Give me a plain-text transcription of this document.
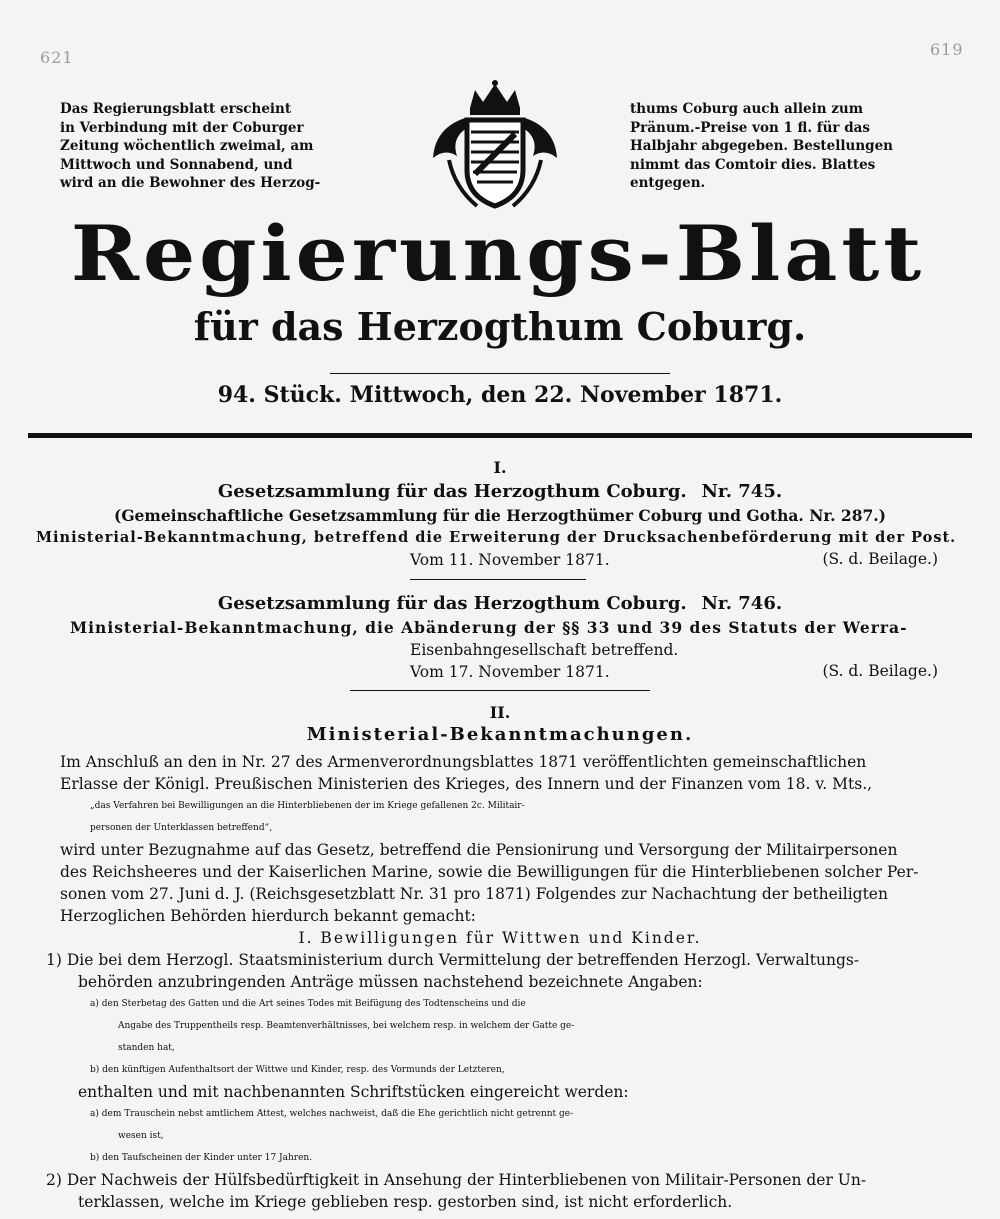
621	619
Das Regierungsblatt erscheint
in Verbindung mit der Coburger
Zeitung wöchentlich zweimal, am
Mittwoch und Sonnabend, und
wird an die Bewohner des Herzog-
thums Coburg auch allein zum
Pränum.-Preise von 1 fl. für das
Halbjahr abgegeben. Bestellungen
nimmt das Comtoir dies. Blattes
entgegen.
Regierungs-Blatt
für das Herzogthum Coburg.
94. Stück. Mittwoch, den 22. November 1871.
I.
Gesetzsammlung für das Herzogthum Coburg. Nr. 745.
(Gemeinschaftliche Gesetzsammlung für die Herzogthümer Coburg und Gotha. Nr. 287.)
Ministerial-Bekanntmachung, betreffend die Erweiterung der Drucksachenbeförderung mit der Post.
Vom 11. November 1871.	(S. d. Beilage.)
Gesetzsammlung für das Herzogthum Coburg. Nr. 746.
Ministerial-Bekanntmachung, die Abänderung der §§ 33 und 39 des Statuts der Werra-
Eisenbahngesellschaft betreffend.
Vom 17. November 1871.	(S. d. Beilage.)
II.
Ministerial-Bekanntmachungen.
Im Anschluß an den in Nr. 27 des Armenverordnungsblattes 1871 veröffentlichten gemeinschaftlichen
Erlasse der Königl. Preußischen Ministerien des Krieges, des Innern und der Finanzen vom 18. v. Mts.,
„das Verfahren bei Bewilligungen an die Hinterbliebenen der im Kriege gefallenen 2c. Militair-
personen der Unterklassen betreffend“,
wird unter Bezugnahme auf das Gesetz, betreffend die Pensionirung und Versorgung der Militairpersonen
des Reichsheeres und der Kaiserlichen Marine, sowie die Bewilligungen für die Hinterbliebenen solcher Per-
sonen vom 27. Juni d. J. (Reichsgesetzblatt Nr. 31 pro 1871) Folgendes zur Nachachtung der betheiligten
Herzoglichen Behörden hierdurch bekannt gemacht:
I. Bewilligungen für Wittwen und Kinder.
1) Die bei dem Herzogl. Staatsministerium durch Vermittelung der betreffenden Herzogl. Verwaltungs-
behörden anzubringenden Anträge müssen nachstehend bezeichnete Angaben:
a) den Sterbetag des Gatten und die Art seines Todes mit Beifügung des Todtenscheins und die
Angabe des Truppentheils resp. Beamtenverhältnisses, bei welchem resp. in welchem der Gatte ge-
standen hat,
b) den künftigen Aufenthaltsort der Wittwe und Kinder, resp. des Vormunds der Letzteren,
enthalten und mit nachbenannten Schriftstücken eingereicht werden:
a) dem Trauschein nebst amtlichem Attest, welches nachweist, daß die Ehe gerichtlich nicht getrennt ge-
wesen ist,
b) den Taufscheinen der Kinder unter 17 Jahren.
2) Der Nachweis der Hülfsbedürftigkeit in Ansehung der Hinterbliebenen von Militair-Personen der Un-
terklassen, welche im Kriege geblieben resp. gestorben sind, ist nicht erforderlich.
